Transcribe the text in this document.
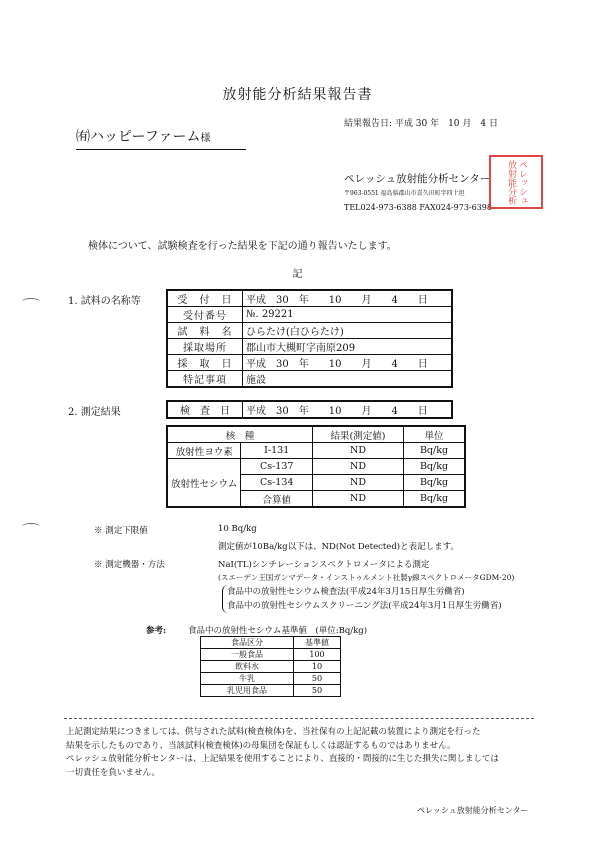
放射能分析結果報告書
結果報告日: 平成 30 年　10 月　4 日
㈲ハッピーファーム様
ペレッシュ放射能分析センター
〒963-0551 福島県郡山市喜久田町字四十坦
TEL024-973-6388 FAX024-973-6398
ペレッシュ放射能分析
検体について、試験検査を行った結果を下記の通り報告いたします。
記
1. 試料の名称等	受　付　日	平成　30　年　　10　　月　　4　　日
受付番号	№. 29221
試　料　名	ひらたけ(白ひらたけ)
採取場所	郡山市大槻町字南原209
採　取　日	平成　30　年　　10　　月　　4　　日
特記事項	施設
2. 測定結果	検　査　日	平成　30　年　　10　　月　　4　　日
核　種		結果(測定値)	単位
放射性ヨウ素	I-131	ND	Bq/kg
放射性セシウム	Cs-137	ND	Bq/kg
	Cs-134	ND	Bq/kg
	合算値	ND	Bq/kg
※ 測定下限値	10 Bq/kg
測定値が10Ba/kg以下は、ND(Not Detected)と表記します。
※ 測定機器・方法	NaI(TL)シンチレーションスペクトロメータによる測定
(スエーデン王国ガンマデータ・インストゥルメント社製γ線スペクトロメータGDM-20)
食品中の放射性セシウム検査法(平成24年3月15日厚生労働省)
食品中の放射性セシウムスクリーニング法(平成24年3月1日厚生労働省)
参考:	食品中の放射性セシウム基準値　(単位:Bq/kg)
食品区分	基準値
一般食品	100
飲料水	10
牛乳	50
乳児用食品	50
上記測定結果につきましては、供与された試料(検査検体)を、当社保有の上記記載の装置により測定を行った
結果を示したものであり、当該試料(検査検体)の母集団を保証もしくは認証するものではありません。
ペレッシュ放射能分析センターは、上記結果を使用することにより、直接的・間接的に生じた損失に関しましては
一切責任を負いません。
ペレッシュ放射能分析センター
